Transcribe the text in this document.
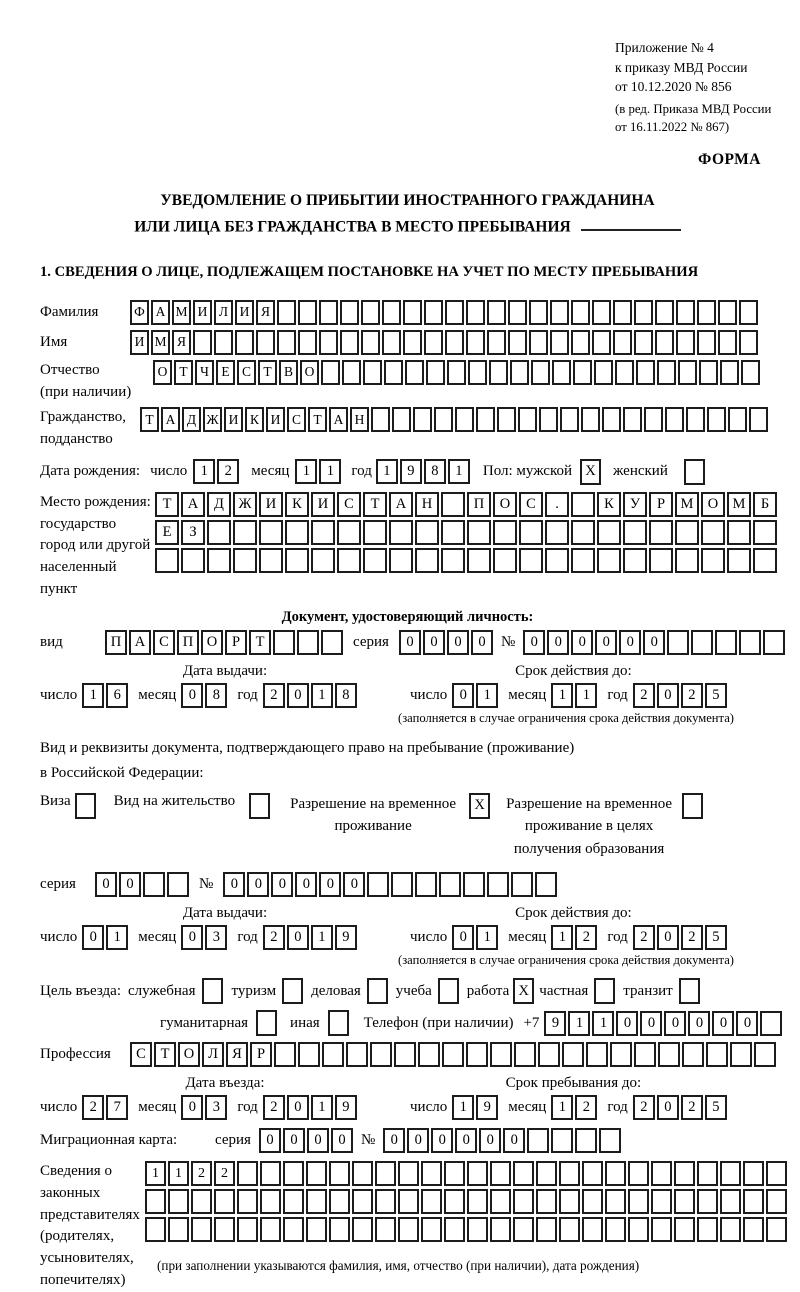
Приложение № 4
к приказу МВД России
от 10.12.2020 № 856
(в ред. Приказа МВД России
от 16.11.2022 № 867)
ФОРМА
УВЕДОМЛЕНИЕ О ПРИБЫТИИ ИНОСТРАННОГО ГРАЖДАНИНА
ИЛИ ЛИЦА БЕЗ ГРАЖДАНСТВА В МЕСТО ПРЕБЫВАНИЯ
1. СВЕДЕНИЯ О ЛИЦЕ, ПОДЛЕЖАЩЕМ ПОСТАНОВКЕ НА УЧЕТ ПО МЕСТУ ПРЕБЫВАНИЯ
Фамилия	Ф А М И Л И Я
Имя	И М Я
Отчество
(при наличии)
О Т Ч Е С Т В О
Гражданство,
подданство
Т А Д Ж И К И С Т А Н
Дата рождения: число 1	2	месяц 1	1	год 1	9	8	1	Пол: мужской X	женский
Место рождения:
государство
город или другой
населенный пункт
Т	А	Д	Ж И	К	И	С	Т	А	Н	П	О	С	.	К	У	Р	М О М	Б
Е	З
Документ, удостоверяющий личность:
вид	П А С П О	Р	Т	серия	0	0	0	0	№	0	0	0	0	0	0
Дата выдачи:
число 1	6	месяц 0	8	год 2	0	1	8
Срок действия до:
число 0	1	месяц 1	1	год 2	0	2	5
(заполняется в случае ограничения срока действия документа)
Вид и реквизиты документа, подтверждающего право на пребывание (проживание)
в Российской Федерации:
Виза	Вид на жительство	Разрешение на временное
проживание
X	Разрешение на временное
проживание в целях
получения образования
серия	0	0	№	0	0	0	0	0	0
Дата выдачи:
число 0	1	месяц 0	3	год 2	0	1	9
Срок действия до:
число 0	1	месяц 1	2	год 2	0	2	5
(заполняется в случае ограничения срока действия документа)
Цель въезда: служебная туризм деловая учеба работа X частная транзит
гуманитарная	иная	Телефон (при наличии) +7 9	1	1	0	0	0	0	0	0
Профессия	С	Т О Л Я	Р
Дата въезда:
число 2	7	месяц 0	3	год 2	0	1	9
Срок пребывания до:
число 1	9	месяц 1	2	год 2	0	2	5
Миграционная карта:	серия	0	0	0	0	№	0	0	0	0	0	0
Сведения о
законных
представителях
(родителях,
усыновителях,
попечителях)
1	1	2	2
(при заполнении указываются фамилия, имя, отчество (при наличии), дата рождения)
